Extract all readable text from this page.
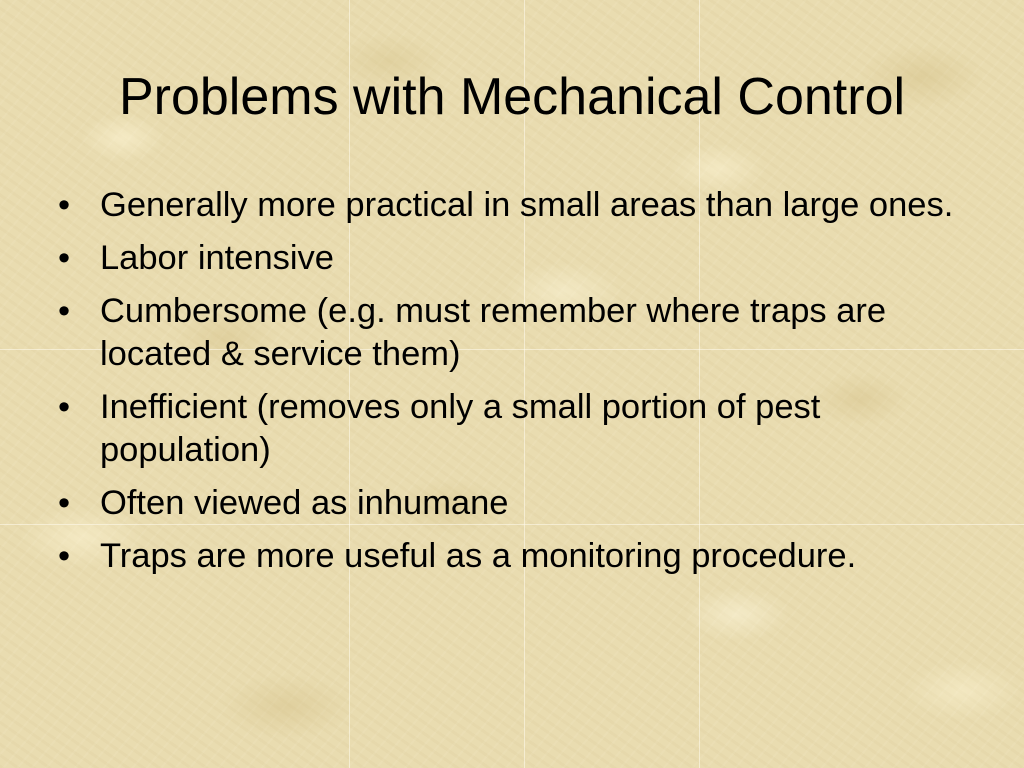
Problems with Mechanical Control
• Generally more practical in small areas than large ones.
• Labor intensive
• Cumbersome (e.g. must remember where traps are located & service them)
• Inefficient (removes only a small portion of pest population)
• Often viewed as inhumane
• Traps are more useful as a monitoring procedure.
